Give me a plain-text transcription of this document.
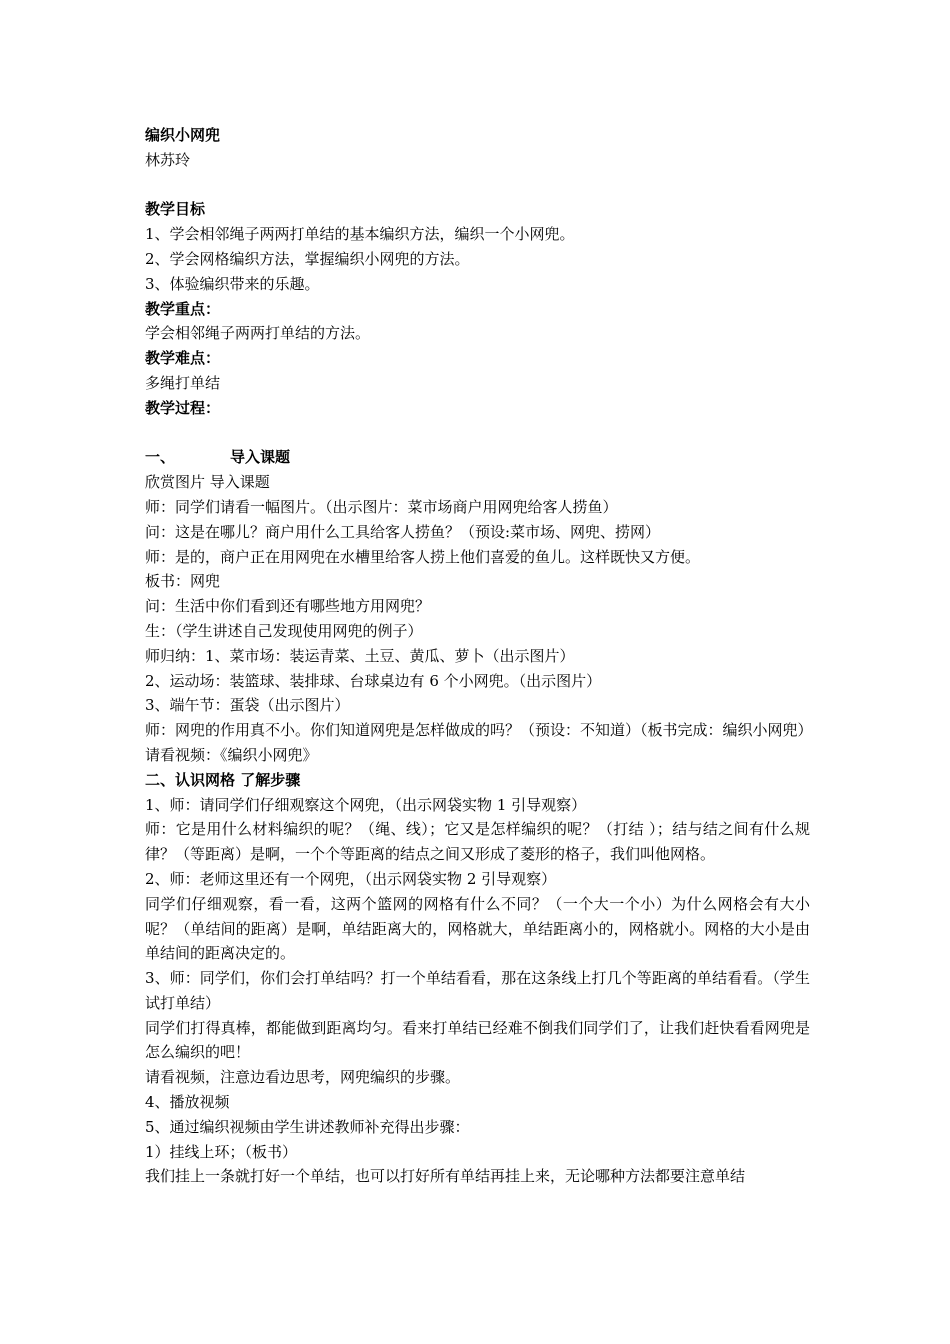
编织小网兜
林苏玲
教学目标
1、学会相邻绳子两两打单结的基本编织方法，编织一个小网兜。
2、学会网格编织方法，掌握编织小网兜的方法。
3、体验编织带来的乐趣。
教学重点：
学会相邻绳子两两打单结的方法。
教学难点：
多绳打单结
教学过程：
一、	导入课题
欣赏图片 导入课题
师：同学们请看一幅图片。（出示图片：菜市场商户用网兜给客人捞鱼）
问：这是在哪儿？商户用什么工具给客人捞鱼？（预设:菜市场、网兜、捞网）
师：是的，商户正在用网兜在水槽里给客人捞上他们喜爱的鱼儿。这样既快又方便。
板书：网兜
问：生活中你们看到还有哪些地方用网兜？
生：（学生讲述自己发现使用网兜的例子）
师归纳：1、菜市场：装运青菜、土豆、黄瓜、萝卜（出示图片）
2、运动场：装篮球、装排球、台球桌边有 6 个小网兜。（出示图片）
3、端午节：蛋袋（出示图片）
师：网兜的作用真不小。你们知道网兜是怎样做成的吗？（预设：不知道）（板书完成：编织小网兜）
请看视频：《编织小网兜》
二、认识网格 了解步骤
1、师：请同学们仔细观察这个网兜，（出示网袋实物 1 引导观察）
师：它是用什么材料编织的呢？（绳、线）；它又是怎样编织的呢？（打结 ）；结与结之间有什么规律？（等距离）是啊，一个个等距离的结点之间又形成了菱形的格子，我们叫他网格。
2、师：老师这里还有一个网兜，（出示网袋实物 2 引导观察）
同学们仔细观察，看一看，这两个篮网的网格有什么不同？（一个大一个小）为什么网格会有大小呢？（单结间的距离）是啊，单结距离大的，网格就大，单结距离小的，网格就小。网格的大小是由单结间的距离决定的。
3、师：同学们，你们会打单结吗？打一个单结看看，那在这条线上打几个等距离的单结看看。（学生试打单结）
同学们打得真棒，都能做到距离均匀。看来打单结已经难不倒我们同学们了，让我们赶快看看网兜是怎么编织的吧！
请看视频，注意边看边思考，网兜编织的步骤。
4、播放视频
5、通过编织视频由学生讲述教师补充得出步骤：
1）挂线上环；（板书）
我们挂上一条就打好一个单结，也可以打好所有单结再挂上来，无论哪种方法都要注意单结
